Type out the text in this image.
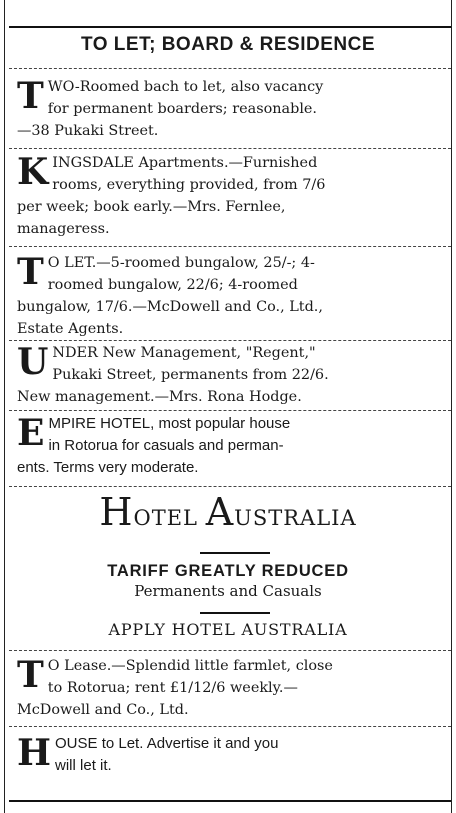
TO LET; BOARD & RESIDENCE
T WO-Roomed bach to let, also vacancy
for permanent boarders; reasonable.
—38 Pukaki Street.
K INGSDALE Apartments.—Furnished
rooms, everything provided, from 7/6
per week; book early.—Mrs. Fernlee,
manageress.
T O LET.—5-roomed bungalow, 25/-; 4-
roomed bungalow, 22/6; 4-roomed
bungalow, 17/6.—McDowell and Co., Ltd.,
Estate Agents.
U NDER New Management, "Regent,"
Pukaki Street, permanents from 22/6.
New management.—Mrs. Rona Hodge.
E MPIRE HOTEL, most popular house
in Rotorua for casuals and perman-
ents. Terms very moderate.
HOTEL AUSTRALIA
TARIFF GREATLY REDUCED
Permanents and Casuals
APPLY HOTEL AUSTRALIA
T O Lease.—Splendid little farmlet, close
to Rotorua; rent £1/12/6 weekly.—
McDowell and Co., Ltd.
H OUSE to Let. Advertise it and you
will let it.
